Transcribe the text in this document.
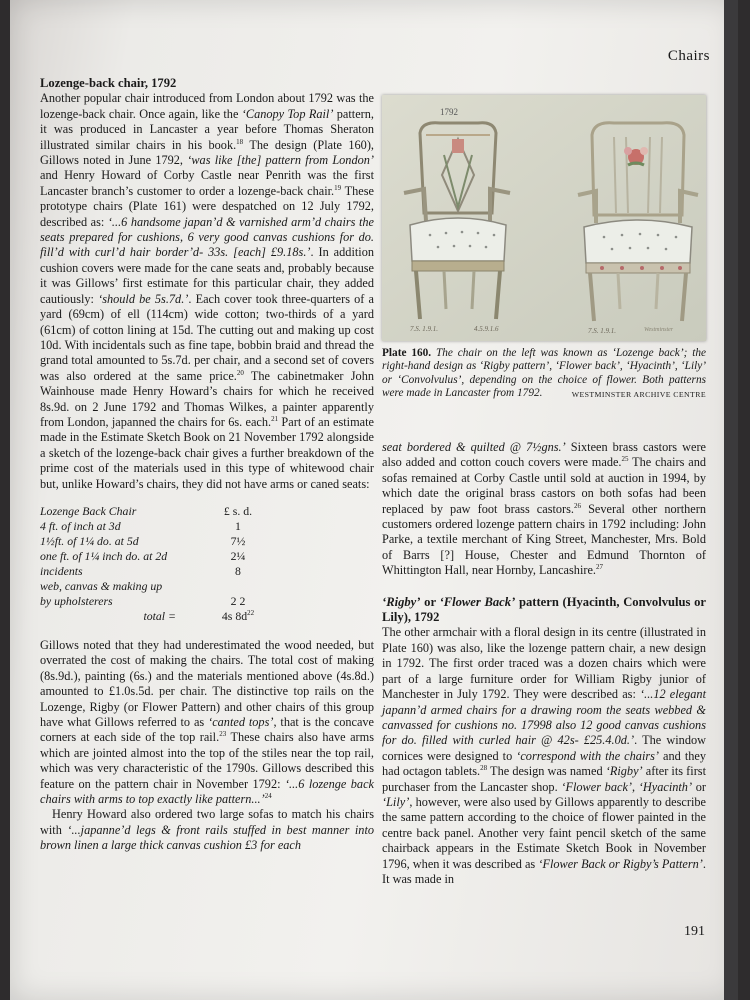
Chairs

Lozenge-back chair, 1792

Another popular chair introduced from London about 1792 was the lozenge-back chair. Once again, like the ‘Canopy Top Rail’ pattern, it was produced in Lancaster a year before Thomas Sheraton illustrated similar chairs in his book.$^{18}$ The design (Plate 160), Gillows noted in June 1792, ‘was like [the] pattern from London’ and Henry Howard of Corby Castle near Penrith was the first Lancaster branch’s customer to order a lozenge-back chair.$^{19}$ These prototype chairs (Plate 161) were despatched on 12 July 1792, described as: ‘...6 handsome japan’d & varnished arm’d chairs the seats prepared for cushions, 6 very good canvas cushions for do. fill’d with curl’d hair border’d- 33s. [each] £9.18s.’. In addition cushion covers were made for the cane seats and, probably because it was Gillows’ first estimate for this particular chair, they added cautiously: ‘should be 5s.7d.’. Each cover took three-quarters of a yard (69cm) of ell (114cm) wide cotton; two-thirds of a yard (61cm) of cotton lining at 15d. The cutting out and making up cost 10d. With incidentals such as fine tape, bobbin braid and thread the grand total amounted to 5s.7d. per chair, and a second set of covers was also ordered at the same price.$^{20}$ The cabinetmaker John Wainhouse made Henry Howard’s chairs for which he received 8s.9d. on 2 June 1792 and Thomas Wilkes, a painter apparently from London, japanned the chairs for 6s. each.$^{21}$ Part of an estimate made in the Estimate Sketch Book on 21 November 1792 alongside a sketch of the lozenge-back chair gives a further breakdown of the prime cost of the materials used in this type of whitewood chair but, unlike Howard’s chairs, they did not have arms or caned seats:

Lozenge Back Chair	£ s. d.
4 ft. of inch at 3d	1
1½ft. of 1¼ do. at 5d	7½
one ft. of 1¼ inch do. at 2d	2¼
incidents	8
web, canvas & making up
by upholsterers	2 2
total =	4s $8d^{22}$

Gillows noted that they had underestimated the wood needed, but overrated the cost of making the chairs. The total cost of making (8s.9d.), painting (6s.) and the materials mentioned above (4s.8d.) amounted to £1.0s.5d. per chair. The distinctive top rails on the Lozenge, Rigby (or Flower Pattern) and other chairs of this group have what Gillows referred to as ‘canted tops’, that is the concave corners at each side of the top rail.$^{23}$ These chairs also have arms which are jointed almost into the top of the stiles near the top rail, which was very characteristic of the 1790s. Gillows described this feature on the pattern chair in November 1792: ‘...6 lozenge back chairs with arms to top exactly like pattern...’$^{24}$

Henry Howard also ordered two large sofas to match his chairs with ‘...japanne’d legs & front rails stuffed in best manner into brown linen a large thick canvas cushion £3 for each

1792
7.S. 1.9.1.	4.5.9.1.6	7.S. 1.9.1.	Westminster
Plate 160. The chair on the left was known as ‘Lozenge back’; the right-hand design as ‘Rigby pattern’, ‘Flower back’, ‘Hyacinth’, ‘Lily’ or ‘Convolvulus’, depending on the choice of flower. Both patterns were made in Lancaster from 1792.	WESTMINSTER ARCHIVE CENTRE

seat bordered & quilted @ 7½gns.’ Sixteen brass castors were also added and cotton couch covers were made.$^{25}$ The chairs and sofas remained at Corby Castle until sold at auction in 1994, by which date the original brass castors on both sofas had been replaced by paw foot brass castors.$^{26}$ Several other northern customers ordered lozenge pattern chairs in 1792 including: John Parke, a textile merchant of King Street, Manchester, Mrs. Bold of Barrs [?] House, Chester and Edmund Thornton of Whittington Hall, near Hornby, Lancashire.$^{27}$

‘Rigby’ or ‘Flower Back’ pattern (Hyacinth, Convolvulus or Lily), 1792

The other armchair with a floral design in its centre (illustrated in Plate 160) was also, like the lozenge pattern chair, a new design in 1792. The first order traced was a dozen chairs which were part of a large furniture order for William Rigby junior of Manchester in July 1792. They were described as: ‘...12 elegant japann’d armed chairs for a drawing room the seats webbed & canvassed for cushions no. 17998 also 12 good canvas cushions for do. filled with curled hair @ 42s- £25.4.0d.’. The window cornices were designed to ‘correspond with the chairs’ and they had octagon tablets.$^{28}$ The design was named ‘Rigby’ after its first purchaser from the Lancaster shop. ‘Flower back’, ‘Hyacinth’ or ‘Lily’, however, were also used by Gillows apparently to describe the same pattern according to the choice of flower painted in the centre back panel. Another very faint pencil sketch of the same chairback appears in the Estimate Sketch Book in November 1796, when it was described as ‘Flower Back or Rigby’s Pattern’. It was made in

191
